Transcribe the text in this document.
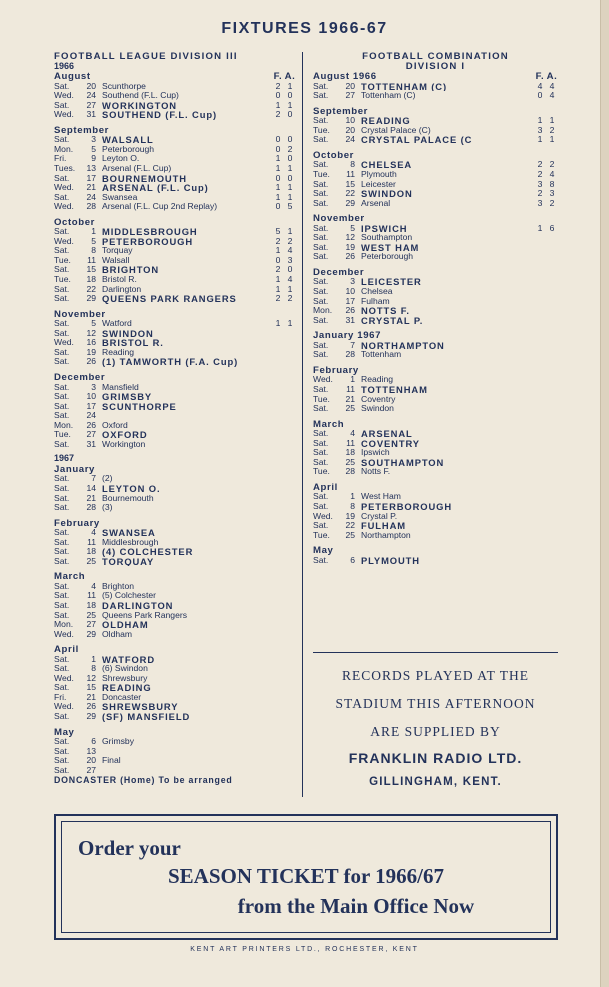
FIXTURES 1966-67
FOOTBALL LEAGUE DIVISION III
1966
August	F. A.
Sat.	20 Scunthorpe	2 1
Wed.	24 Southend (F.L. Cup)	0 0
Sat.	27 WORKINGTON	1 1
Wed.	31 SOUTHEND (F.L. Cup)	2 0
September
Sat.	3 WALSALL	0 0
Mon.	5 Peterborough	0 2
Fri.	9 Leyton O.	1 0
Tues.	13 Arsenal (F.L. Cup)	1 1
Sat.	17 BOURNEMOUTH	0 0
Wed.	21 ARSENAL (F.L. Cup)	1 1
Sat.	24 Swansea	1 1
Wed.	28 Arsenal (F.L. Cup 2nd Replay)	0 5
October
Sat.	1 MIDDLESBROUGH	5 1
Wed.	5 PETERBOROUGH	2 2
Sat.	8 Torquay	1 4
Tue.	11 Walsall	0 3
Sat.	15 BRIGHTON	2 0
Tue.	18 Bristol R.	1 4
Sat.	22 Darlington	1 1
Sat.	29 QUEENS PARK RANGERS	2 2
November
Sat.	5 Watford	1 1
Sat.	12 SWINDON
Wed.	16 BRISTOL R.
Sat.	19 Reading
Sat.	26 (1) TAMWORTH (F.A. Cup)
December
Sat.	3 Mansfield
Sat.	10 GRIMSBY
Sat.	17 SCUNTHORPE
Sat.	24
Mon.	26 Oxford
Tue.	27 OXFORD
Sat.	31 Workington
1967
January
Sat.	7 (2)
Sat.	14 LEYTON O.
Sat.	21 Bournemouth
Sat.	28 (3)
February
Sat.	4 SWANSEA
Sat.	11 Middlesbrough
Sat.	18 (4) COLCHESTER
Sat.	25 TORQUAY
March
Sat.	4 Brighton
Sat.	11 (5) Colchester
Sat.	18 DARLINGTON
Sat.	25 Queens Park Rangers
Mon.	27 OLDHAM
Wed.	29 Oldham
April
Sat.	1 WATFORD
Sat.	8 (6) Swindon
Wed.	12 Shrewsbury
Sat.	15 READING
Fri.	21 Doncaster
Wed.	26 SHREWSBURY
Sat.	29 (SF) MANSFIELD
May
Sat.	6 Grimsby
Sat.	13
Sat.	20 Final
Sat.	27
DONCASTER (Home) To be arranged
FOOTBALL COMBINATION
DIVISION I
August 1966	F. A.
Sat.	20 TOTTENHAM (C)	4 4
Sat.	27 Tottenham (C)	0 4
September
Sat.	10 READING	1 1
Tue.	20 Crystal Palace (C)	3 2
Sat.	24 CRYSTAL PALACE (C	1 1
October
Sat.	8 CHELSEA	2 2
Tue.	11 Plymouth	2 4
Sat.	15 Leicester	3 8
Sat.	22 SWINDON	2 3
Sat.	29 Arsenal	3 2
November
Sat.	5 IPSWICH	1 6
Sat.	12 Southampton
Sat.	19 WEST HAM
Sat.	26 Peterborough
December
Sat.	3 LEICESTER
Sat.	10 Chelsea
Sat.	17 Fulham
Mon.	26 NOTTS F.
Sat.	31 CRYSTAL P.
January 1967
Sat.	7 NORTHAMPTON
Sat.	28 Tottenham
February
Wed.	1 Reading
Sat.	11 TOTTENHAM
Tue.	21 Coventry
Sat.	25 Swindon
March
Sat.	4 ARSENAL
Sat.	11 COVENTRY
Sat.	18 Ipswich
Sat.	25 SOUTHAMPTON
Tue.	28 Notts F.
April
Sat.	1 West Ham
Sat.	8 PETERBOROUGH
Wed.	19 Crystal P.
Sat.	22 FULHAM
Tue.	25 Northampton
May
Sat.	6 PLYMOUTH
RECORDS PLAYED AT THE
STADIUM THIS AFTERNOON
ARE SUPPLIED BY
FRANKLIN RADIO LTD.
GILLINGHAM, KENT.
Order your
SEASON TICKET for 1966/67
from the Main Office Now
KENT ART PRINTERS LTD., ROCHESTER, KENT
